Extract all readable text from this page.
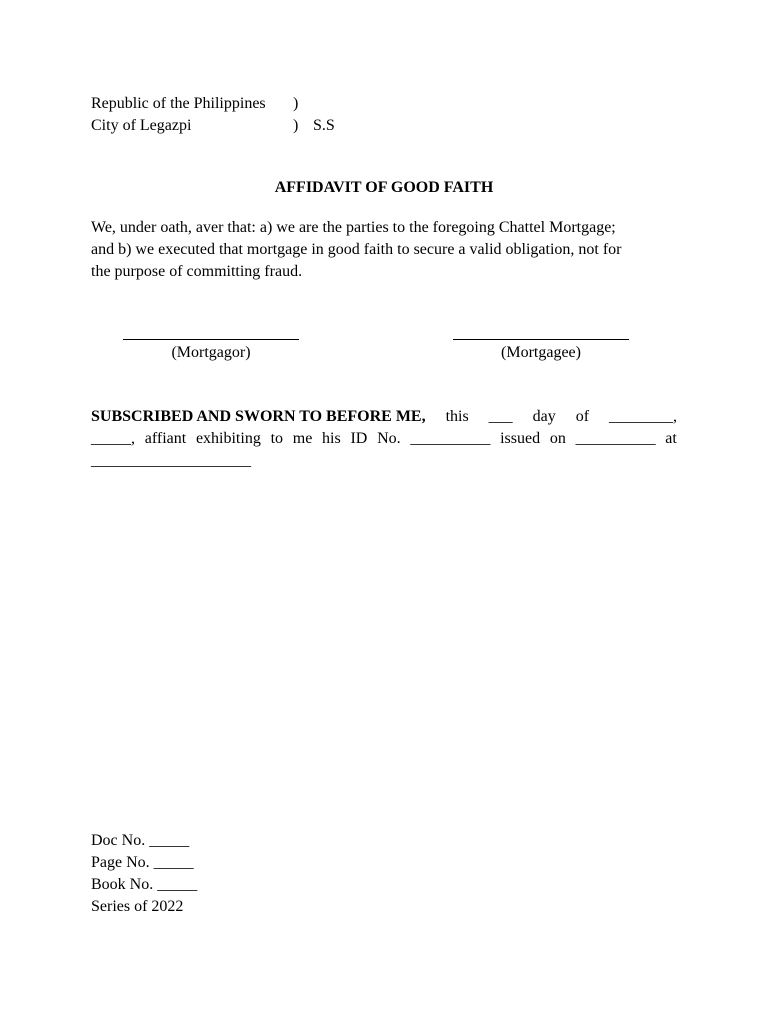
Republic of the Philippines )
City of Legazpi	) S.S
AFFIDAVIT OF GOOD FAITH
We, under oath, aver that: a) we are the parties to the foregoing Chattel Mortgage;
and b) we executed that mortgage in good faith to secure a valid obligation, not for
the purpose of committing fraud.
(Mortgagor)	(Mortgagee)
SUBSCRIBED AND SWORN TO BEFORE ME, this ___ day of ________,
_____, affiant exhibiting to me his ID No. __________ issued on __________ at
____________________
Doc No. _____
Page No. _____
Book No. _____
Series of 2022
